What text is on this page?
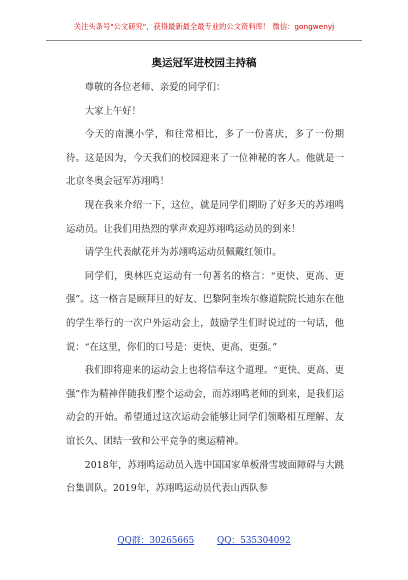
关注头条号"公文研究"，获得最新最全最专业的公文资料库！ 微信：gongwenyj
奥运冠军进校园主持稿

尊敬的各位老师、亲爱的同学们：

大家上午好！

今天的南澳小学，和往常相比，多了一份喜庆，多了一份期待。这是因为，今天我们的校园迎来了一位神秘的客人。他就是一北京冬奥会冠军苏翊鸣！

现在我来介绍一下，这位，就是同学们期盼了好多天的苏翊鸣运动员。让我们用热烈的掌声欢迎苏翊鸣运动员的到来！

请学生代表献花并为苏翊鸣运动员佩戴红领巾。

同学们，奥林匹克运动有一句著名的格言：“更快、更高、更强”。这一格言是顾拜旦的好友、巴黎阿奎埃尔修道院院长迪东在他的学生举行的一次户外运动会上，鼓励学生们时说过的一句话，他说：“在这里，你们的口号是：更快、更高、更强。”

我们即将迎来的运动会上也将信奉这个道理。“更快、更高、更强”作为精神伴随我们整个运动会，而苏翊鸣老师的到来，是我们运动会的开始。希望通过这次运动会能够让同学们领略相互理解、友谊长久、团结一致和公平竞争的奥运精神。

2018年，苏翊鸣运动员入选中国国家单板滑雪坡面障碍与大跳台集训队。2019年，苏翊鸣运动员代表山西队参

QQ群：30265665	QQ：535304092
